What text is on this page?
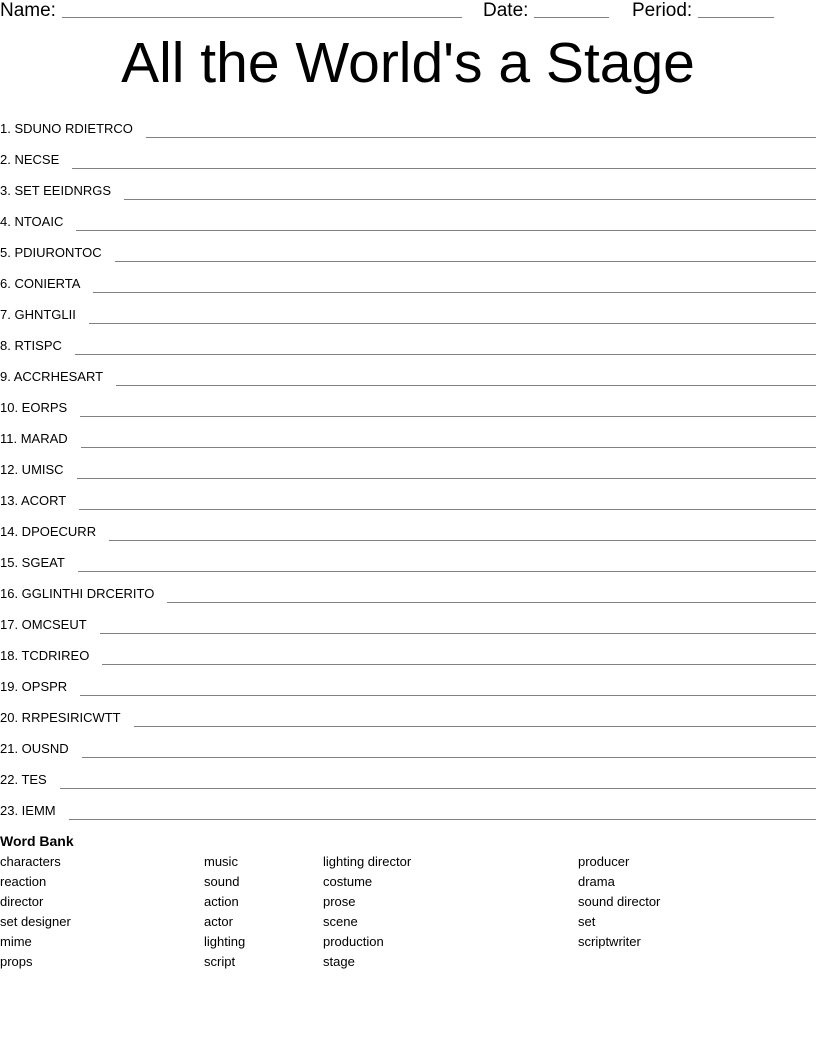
Name:	Date:	Period:
All the World's a Stage
1. SDUNO RDIETRCO
2. NECSE
3. SET EEIDNRGS
4. NTOAIC
5. PDIURONTOC
6. CONIERTA
7. GHNTGLII
8. RTISPC
9. ACCRHESART
10. EORPS
11. MARAD
12. UMISC
13. ACORT
14. DPOECURR
15. SGEAT
16. GGLINTHI DRCERITO
17. OMCSEUT
18. TCDRIREO
19. OPSPR
20. RRPESIRICWTT
21. OUSND
22. TES
23. IEMM
Word Bank
characters
reaction
director
set designer
mime
props
music
sound
action
actor
lighting
script
lighting director
costume
prose
scene
production
stage
producer
drama
sound director
set
scriptwriter
